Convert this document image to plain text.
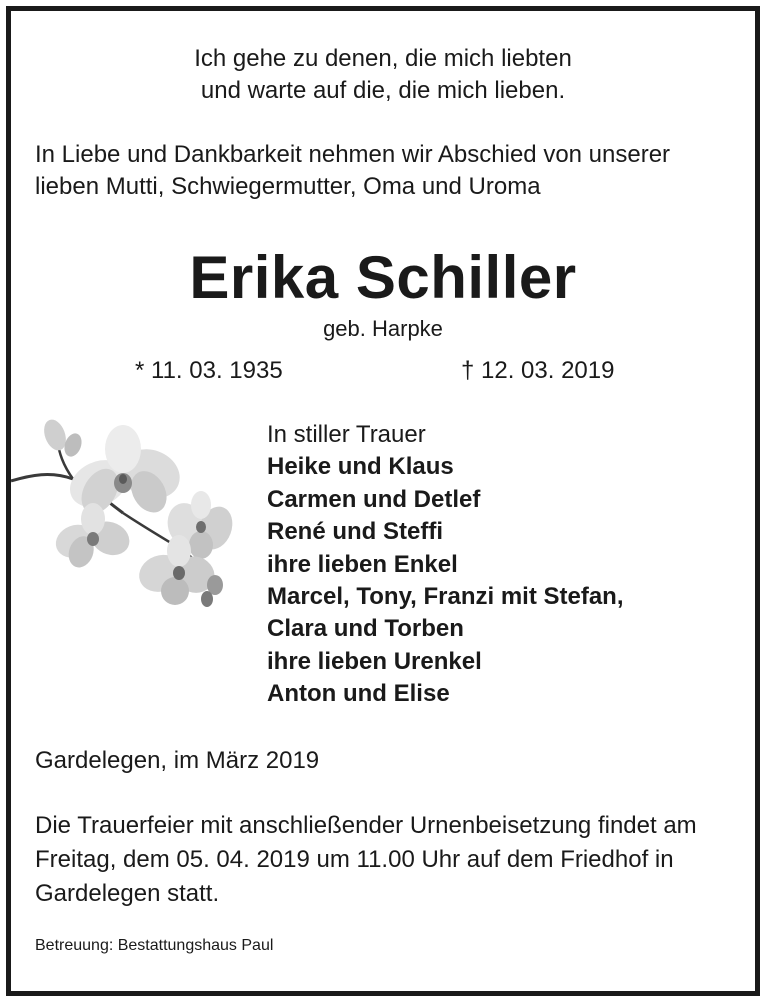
Ich gehe zu denen, die mich liebten
und warte auf die, die mich lieben.
In Liebe und Dankbarkeit nehmen wir Abschied von unserer
lieben Mutti, Schwiegermutter, Oma und Uroma
Erika Schiller
geb. Harpke
* 11. 03. 1935	† 12. 03. 2019
In stiller Trauer
Heike und Klaus
Carmen und Detlef
René und Steffi
ihre lieben Enkel
Marcel, Tony, Franzi mit Stefan,
Clara und Torben
ihre lieben Urenkel
Anton und Elise
Gardelegen, im März 2019
Die Trauerfeier mit anschließender Urnenbeisetzung findet am
Freitag, dem 05. 04. 2019 um 11.00 Uhr auf dem Friedhof in
Gardelegen statt.
Betreuung: Bestattungshaus Paul
